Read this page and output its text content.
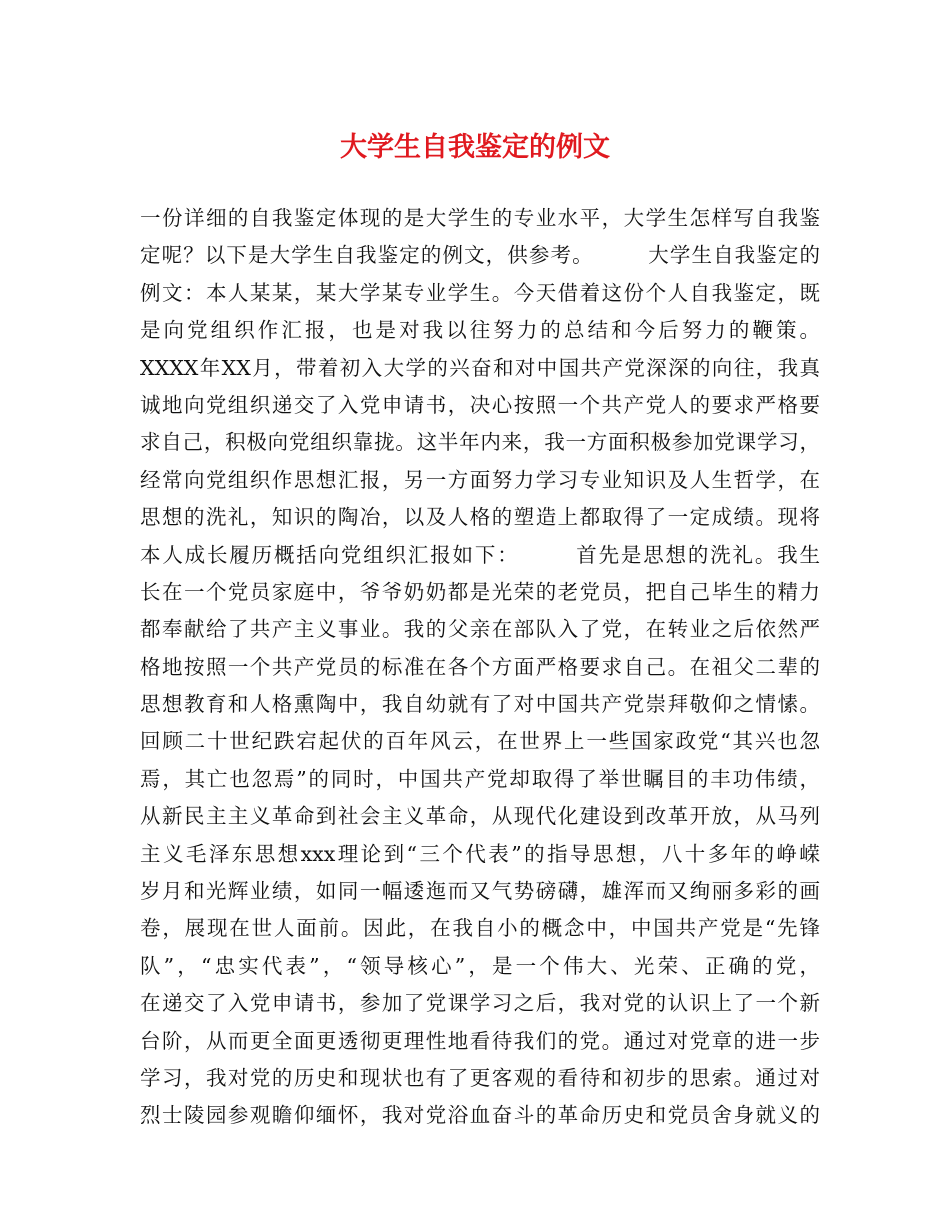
大学生自我鉴定的例文
一份详细的自我鉴定体现的是大学生的专业水平，大学生怎样写自我鉴
定呢？以下是大学生自我鉴定的例文，供参考。　　　大学生自我鉴定的
例文：本人某某，某大学某专业学生。今天借着这份个人自我鉴定，既
是向党组织作汇报，也是对我以往努力的总结和今后努力的鞭策。
XXXX年XX月，带着初入大学的兴奋和对中国共产党深深的向往，我真
诚地向党组织递交了入党申请书，决心按照一个共产党人的要求严格要
求自己，积极向党组织靠拢。这半年内来，我一方面积极参加党课学习，
经常向党组织作思想汇报，另一方面努力学习专业知识及人生哲学，在
思想的洗礼，知识的陶冶，以及人格的塑造上都取得了一定成绩。现将
本人成长履历概括向党组织汇报如下：　　　首先是思想的洗礼。我生
长在一个党员家庭中，爷爷奶奶都是光荣的老党员，把自己毕生的精力
都奉献给了共产主义事业。我的父亲在部队入了党，在转业之后依然严
格地按照一个共产党员的标准在各个方面严格要求自己。在祖父二辈的
思想教育和人格熏陶中，我自幼就有了对中国共产党崇拜敬仰之情愫。
回顾二十世纪跌宕起伏的百年风云，在世界上一些国家政党“其兴也忽
焉，其亡也忽焉”的同时，中国共产党却取得了举世瞩目的丰功伟绩，
从新民主主义革命到社会主义革命，从现代化建设到改革开放，从马列
主义毛泽东思想xxx理论到“三个代表”的指导思想，八十多年的峥嵘
岁月和光辉业绩，如同一幅逶迤而又气势磅礴，雄浑而又绚丽多彩的画
卷，展现在世人面前。因此，在我自小的概念中，中国共产党是“先锋
队”，“忠实代表”，“领导核心”，是一个伟大、光荣、正确的党，
在递交了入党申请书，参加了党课学习之后，我对党的认识上了一个新
台阶，从而更全面更透彻更理性地看待我们的党。通过对党章的进一步
学习，我对党的历史和现状也有了更客观的看待和初步的思索。通过对
烈士陵园参观瞻仰缅怀，我对党浴血奋斗的革命历史和党员舍身就义的
